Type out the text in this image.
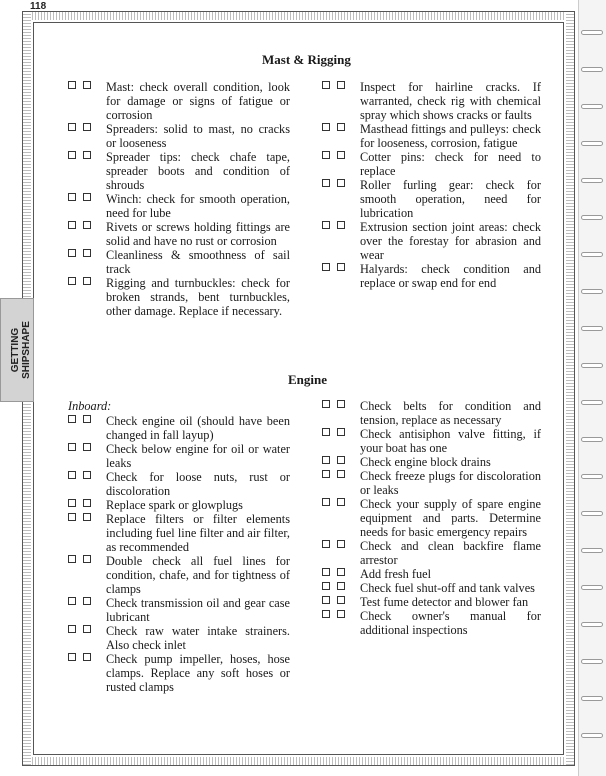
118
GETTING SHIPSHAPE
Mast & Rigging
Mast: check overall condition, look for damage or signs of fatigue or corrosion
Spreaders: solid to mast, no cracks or looseness
Spreader tips: check chafe tape, spreader boots and condition of shrouds
Winch: check for smooth operation, need for lube
Rivets or screws holding fittings are solid and have no rust or corrosion
Cleanliness & smoothness of sail track
Rigging and turnbuckles: check for broken strands, bent turnbuckles, other damage. Replace if necessary.
Inspect for hairline cracks. If warranted, check rig with chemical spray which shows cracks or faults
Masthead fittings and pulleys: check for looseness, corrosion, fatigue
Cotter pins: check for need to replace
Roller furling gear: check for smooth operation, need for lubrication
Extrusion section joint areas: check over the forestay for abrasion and wear
Halyards: check condition and replace or swap end for end
Engine
Inboard:
Check engine oil (should have been changed in fall layup)
Check below engine for oil or water leaks
Check for loose nuts, rust or discoloration
Replace spark or glowplugs
Replace filters or filter elements including fuel line filter and air filter, as recommended
Double check all fuel lines for condition, chafe, and for tightness of clamps
Check transmission oil and gear case lubricant
Check raw water intake strainers. Also check inlet
Check pump impeller, hoses, hose clamps. Replace any soft hoses or rusted clamps
Check belts for condition and tension, replace as necessary
Check antisiphon valve fitting, if your boat has one
Check engine block drains
Check freeze plugs for discoloration or leaks
Check your supply of spare engine equipment and parts. Determine needs for basic emergency repairs
Check and clean backfire flame arrestor
Add fresh fuel
Check fuel shut-off and tank valves
Test fume detector and blower fan
Check owner's manual for additional inspections
